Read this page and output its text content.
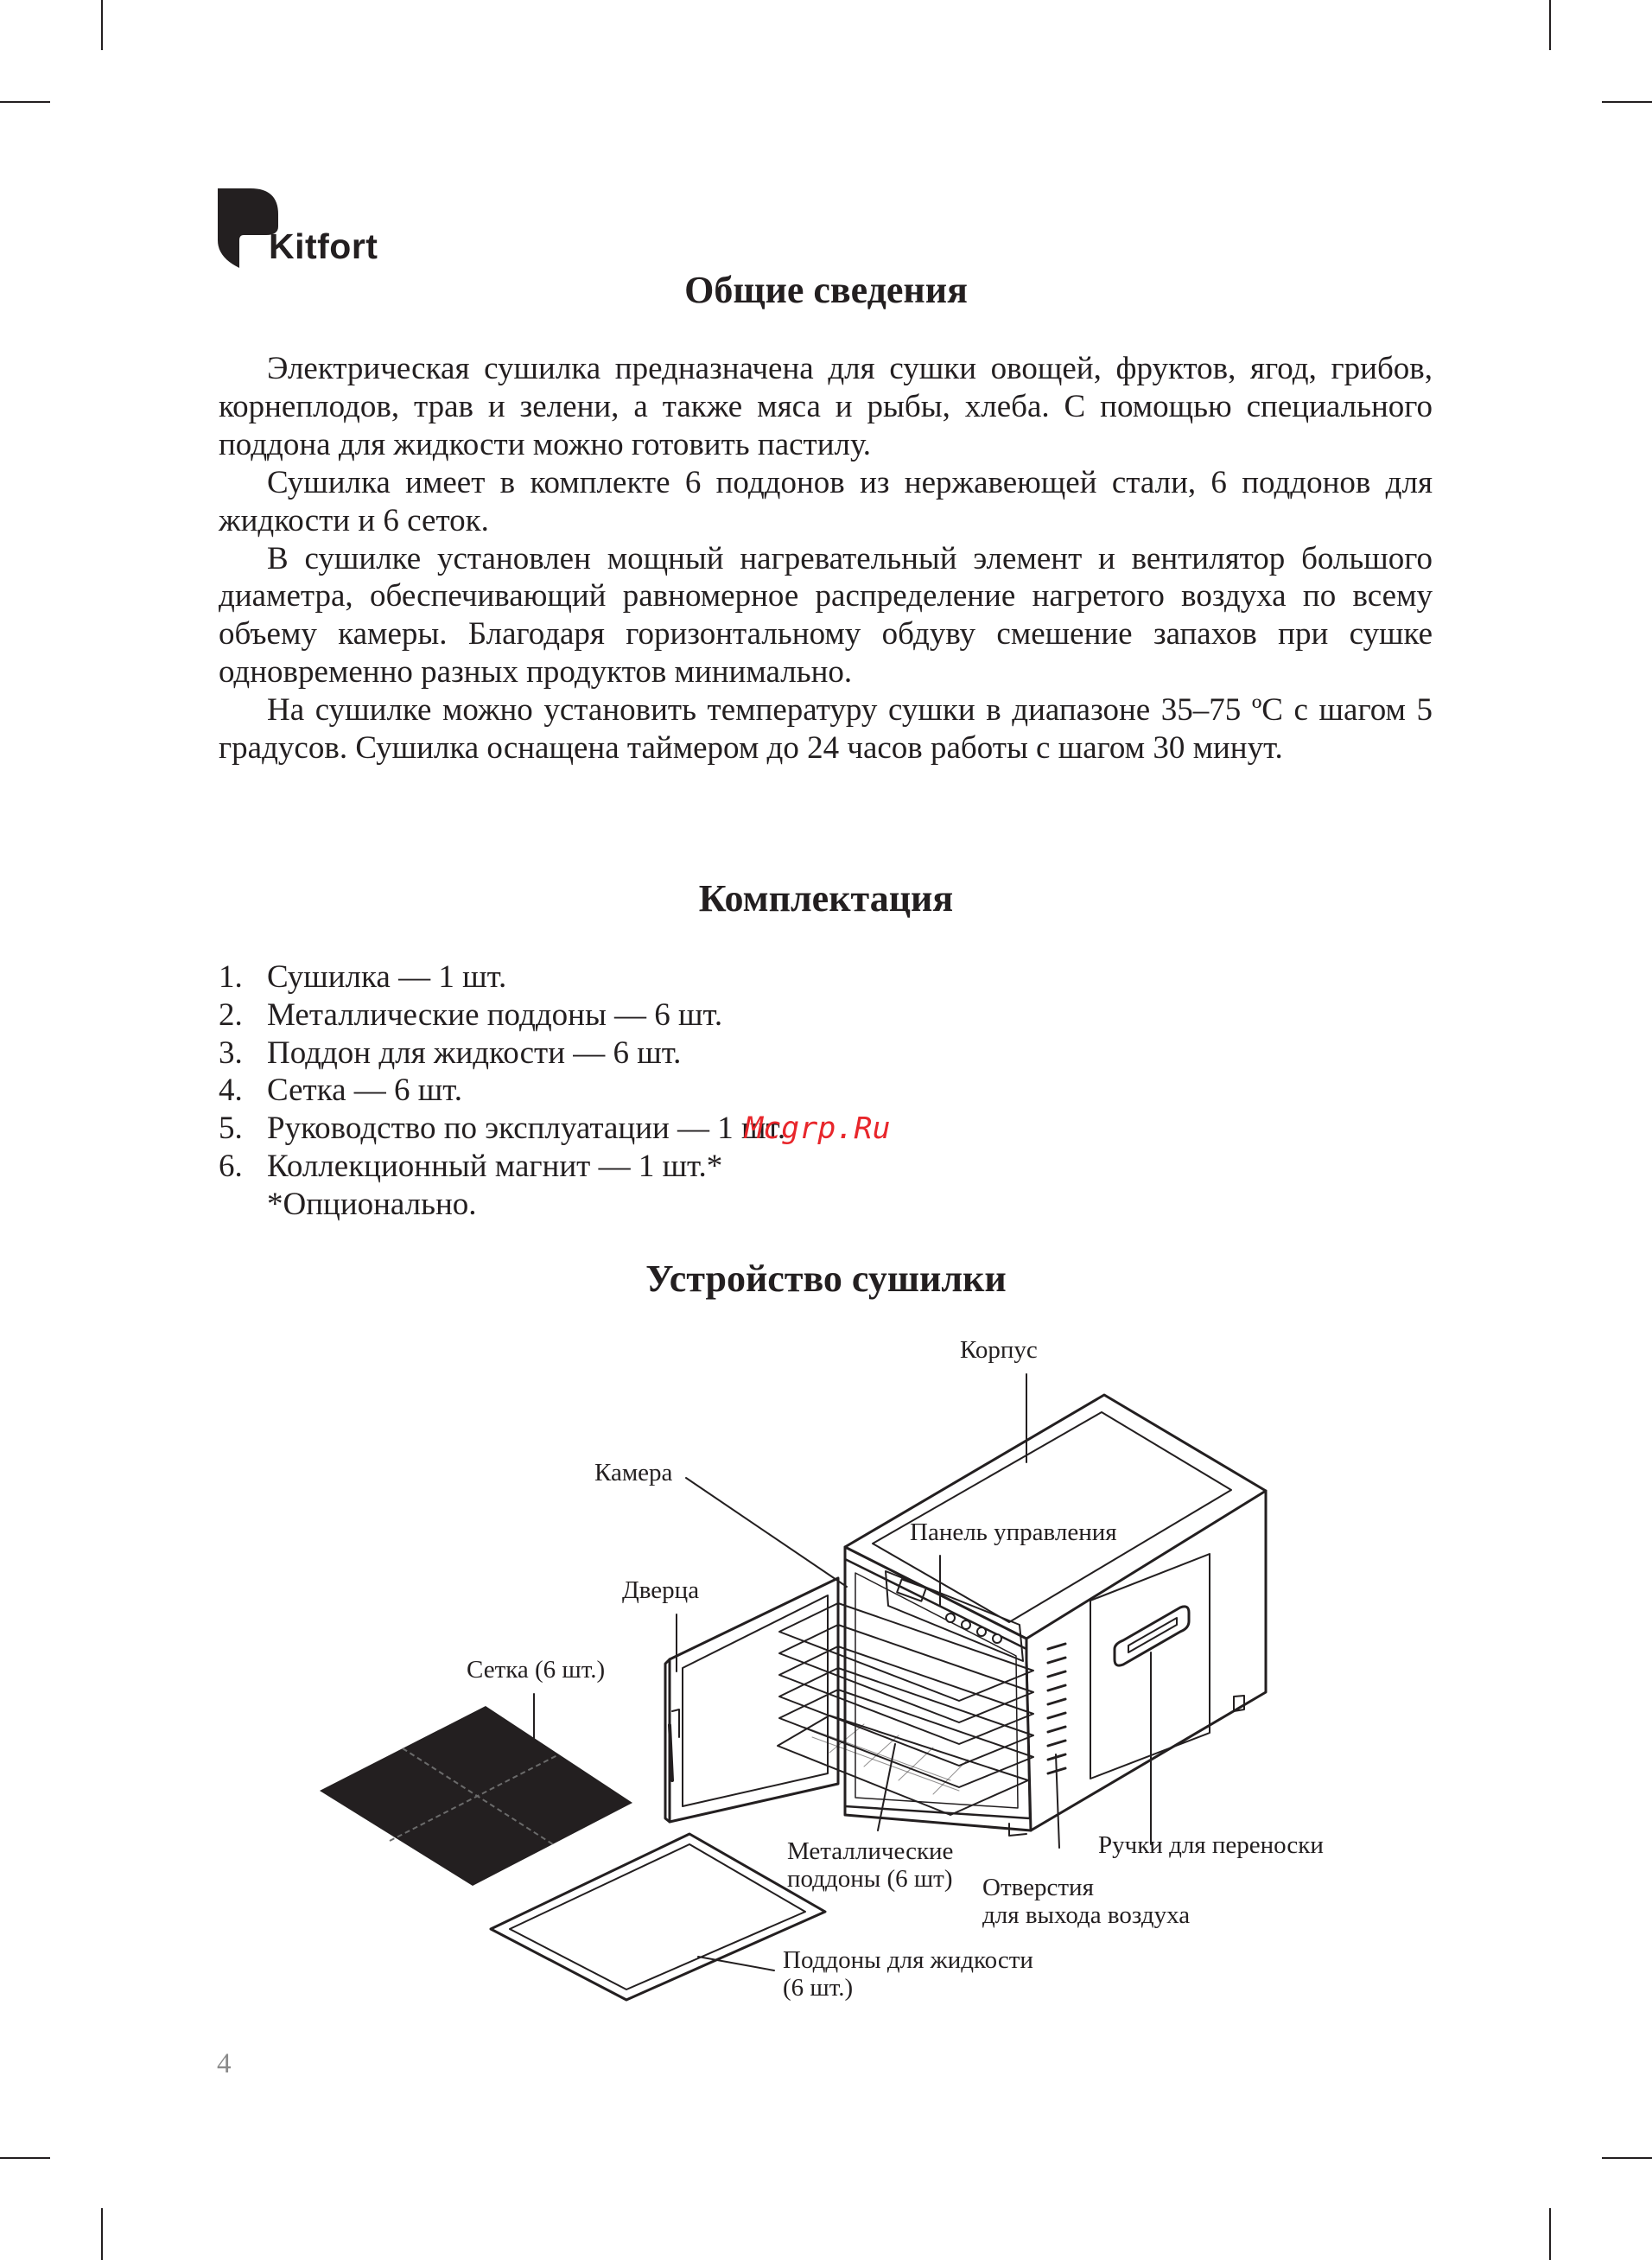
Kitfort
Общие сведения

Электрическая сушилка предназначена для сушки овощей, фруктов, ягод, грибов, корнеплодов, трав и зелени, а также мяса и рыбы, хлеба. С помощью специального поддона для жидкости можно готовить пастилу.

Сушилка имеет в комплекте 6 поддонов из нержавеющей стали, 6 поддонов для жидкости и 6 сеток.

В сушилке установлен мощный нагревательный элемент и вентилятор большого диаметра, обеспечивающий равномерное распределение нагретого воздуха по всему объему камеры. Благодаря горизонтальному обдуву смешение запахов при сушке одновременно разных продуктов минимально.

На сушилке можно установить температуру сушки в диапазоне 35–75 ºС с шагом 5 градусов. Сушилка оснащена таймером до 24 часов работы с шагом 30 минут.

Комплектация
1. Сушилка — 1 шт.
2. Металлические поддоны — 6 шт.
3. Поддон для жидкости — 6 шт.
4. Сетка — 6 шт.
5. Руководство по эксплуатации — 1 шт.
6. Коллекционный магнит — 1 шт.*
*Опционально.
Mcgrp.Ru
Устройство сушилки
Корпус
Камера
Панель управления
Дверца
Сетка (6 шт.)
Металлические
поддоны (6 шт) Отверстия
для выхода воздуха
Ручки для переноски
Поддоны для жидкости
(6 шт.)
4
